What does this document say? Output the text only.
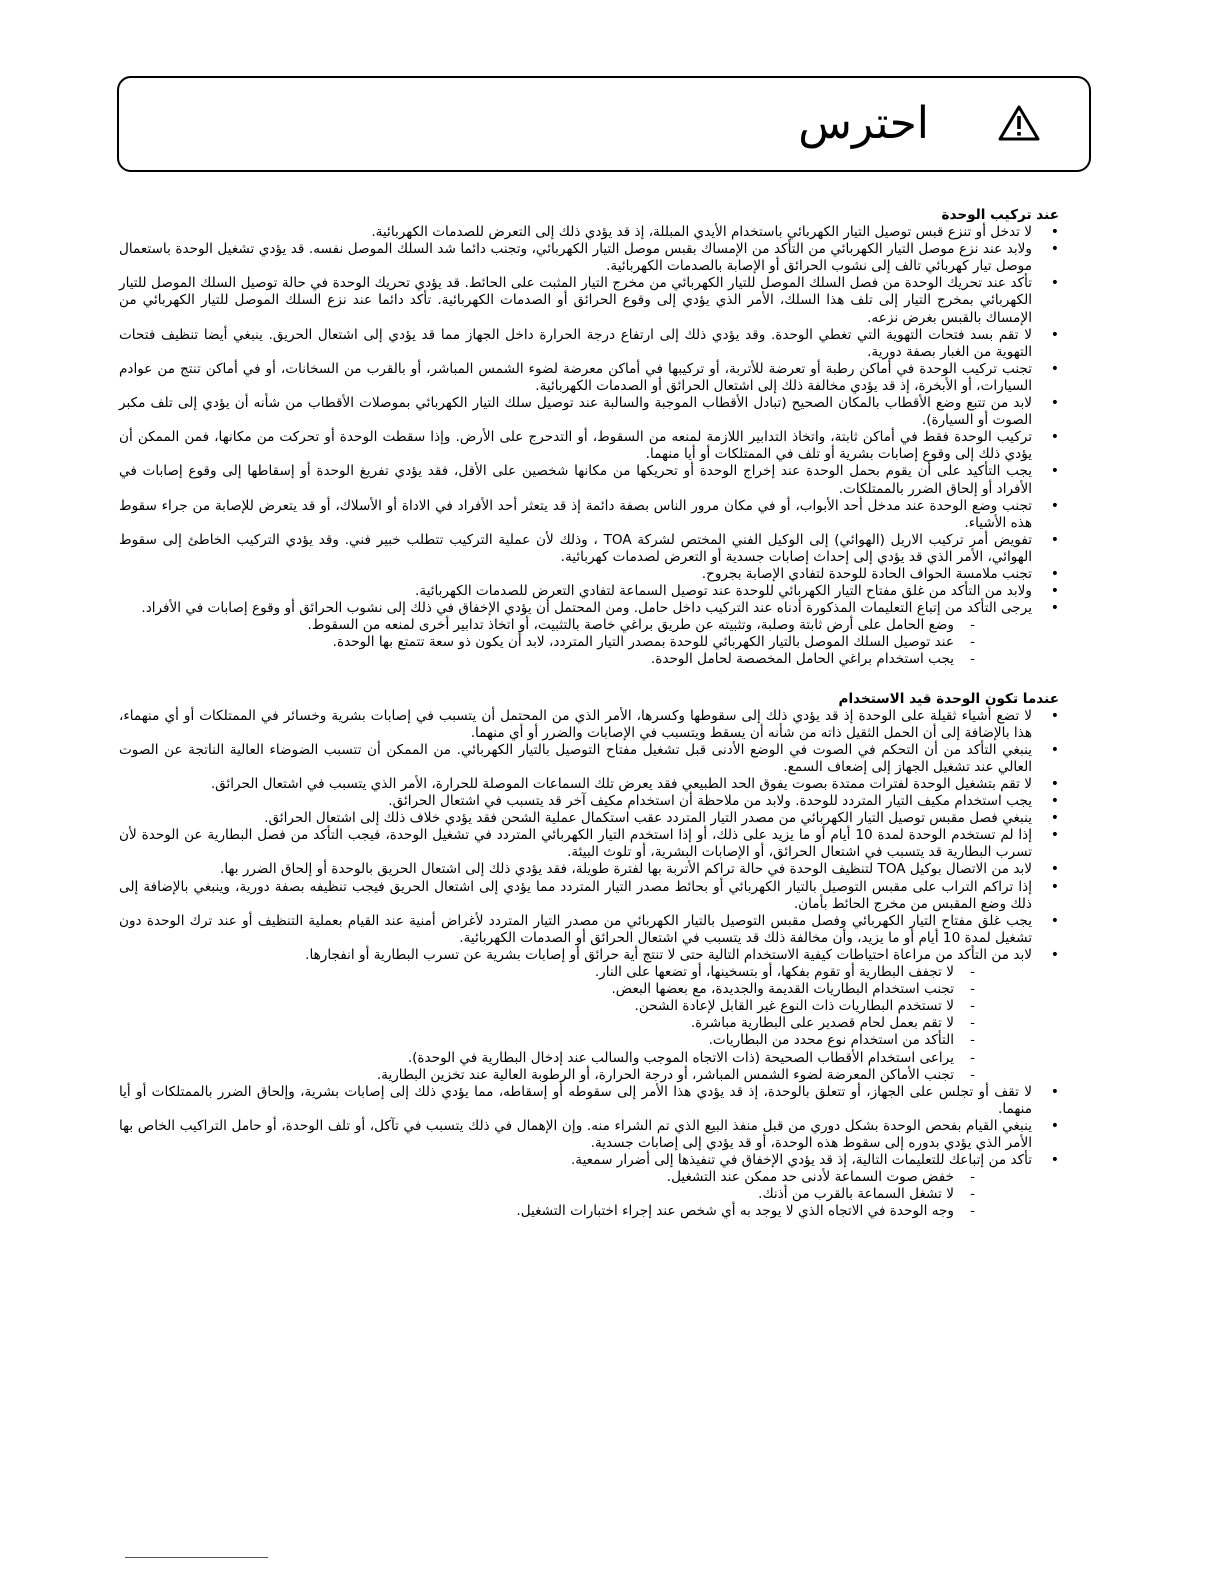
احترس
عند تركيب الوحدة
• لا تدخل أو تنزع قبس توصيل التيار الكهربائي باستخدام الأيدي المبللة، إذ قد يؤدي ذلك إلى التعرض للصدمات الكهربائية.
• ولابد عند نزع موصل التيار الكهربائي من التأكد من الإمساك بقبس موصل التيار الكهربائي، وتجنب دائما شد السلك الموصل نفسه. قد يؤدي تشغيل الوحدة باستعمال موصل تيار كهربائي تالف إلى نشوب الحرائق أو الإصابة بالصدمات الكهربائية.
• تأكد عند تحريك الوحدة من فصل السلك الموصل للتيار الكهربائي من مخرج التيار المثبت على الحائط. قد يؤدي تحريك الوحدة في حالة توصيل السلك الموصل للتيار الكهربائي بمخرج التيار إلى تلف هذا السلك، الأمر الذي يؤدي إلى وقوع الحرائق أو الصدمات الكهربائية. تأكد دائما عند نزع السلك الموصل للتيار الكهربائي من الإمساك بالقبس بغرض نزعه.
• لا تقم بسد فتحات التهوية التي تغطي الوحدة. وقد يؤدي ذلك إلى ارتفاع درجة الحرارة داخل الجهاز مما قد يؤدي إلى اشتعال الحريق. ينبغي أيضا تنظيف فتحات التهوية من الغبار بصفة دورية.
• تجنب تركيب الوحدة في أماكن رطبة أو تعرضة للأتربة، أو تركيبها في أماكن معرضة لضوء الشمس المباشر، أو بالقرب من السخانات، أو في أماكن تنتج من عوادم السيارات، أو الأبخرة، إذ قد يؤدي مخالفة ذلك إلى اشتعال الحرائق أو الصدمات الكهربائية.
• لابد من تتبع وضع الأقطاب بالمكان الصحيح (تبادل الأقطاب الموجبة والسالبة عند توصيل سلك التيار الكهربائي بموصلات الأقطاب من شأنه أن يؤدي إلى تلف مكبر الصوت أو السيارة).
• تركيب الوحدة فقط في أماكن ثابتة، واتخاذ التدابير اللازمة لمنعه من السقوط، أو التدحرج على الأرض. وإذا سقطت الوحدة أو تحركت من مكانها، فمن الممكن أن يؤدي ذلك إلى وقوع إصابات بشرية أو تلف في الممتلكات أو أيا منهما.
• يجب التأكيد على أن يقوم بحمل الوحدة عند إخراج الوحدة أو تحريكها من مكانها شخصين على الأقل، فقد يؤدي تفريغ الوحدة أو إسقاطها إلى وقوع إصابات في الأفراد أو إلحاق الضرر بالممتلكات.
• تجنب وضع الوحدة عند مدخل أحد الأبواب، أو في مكان مرور الناس بصفة دائمة إذ قد يتعثر أحد الأفراد في الاداة أو الأسلاك، أو قد يتعرض للإصابة من جراء سقوط هذه الأشياء.
• تفويض أمر تركيب الاريل (الهوائي) إلى الوكيل الفني المختص لشركة TOA ، وذلك لأن عملية التركيب تتطلب خبير فني. وقد يؤدي التركيب الخاطئ إلى سقوط الهوائي، الأمر الذي قد يؤدي إلى إحداث إصابات جسدية أو التعرض لصدمات كهربائية.
• تجنب ملامسة الحواف الحادة للوحدة لتفادي الإصابة بجروح.
• ولابد من التأكد من غلق مفتاح التيار الكهربائي للوحدة عند توصيل السماعة لتفادي التعرض للصدمات الكهربائية.
• يرجى التأكد من إتباع التعليمات المذكورة أدناه عند التركيب داخل حامل. ومن المحتمل أن يؤدي الإخفاق في ذلك إلى نشوب الحرائق أو وقوع إصابات في الأفراد.
- وضع الحامل على أرض ثابتة وصلبة، وتثبيته عن طريق براغي خاصة بالتثبيت، أو اتخاذ تدابير أخرى لمنعه من السقوط.
- عند توصيل السلك الموصل بالتيار الكهربائي للوحدة بمصدر التيار المتردد، لابد أن يكون ذو سعة تتمتع بها الوحدة.
- يجب استخدام براغي الحامل المخصصة لحامل الوحدة.
عندما تكون الوحدة قيد الاستخدام
• لا تضع أشياء ثقيلة على الوحدة إذ قد يؤدي ذلك إلى سقوطها وكسرها، الأمر الذي من المحتمل أن يتسبب في إصابات بشرية وخسائر في الممتلكات أو أي منهماء، هذا بالإضافة إلى أن الحمل الثقيل ذاته من شأنه أن يسقط ويتسبب في الإصابات والضرر أو أي منهما.
• ينبغي التأكد من أن التحكم في الصوت في الوضع الأدنى قبل تشغيل مفتاح التوصيل بالتيار الكهربائي. من الممكن أن تتسبب الضوضاء العالية الناتجة عن الصوت العالي عند تشغيل الجهاز إلى إضعاف السمع.
• لا تقم بتشغيل الوحدة لفترات ممتدة بصوت يفوق الحد الطبيعي فقد يعرض تلك السماعات الموصلة للحرارة، الأمر الذي يتسبب في اشتعال الحرائق.
• يجب استخدام مكيف التيار المتردد للوحدة. ولابد من ملاحظة أن استخدام مكيف آخر قد يتسبب في اشتعال الحرائق.
• ينبغي فصل مقبس توصيل التيار الكهربائي من مصدر التيار المتردد عقب استكمال عملية الشحن فقد يؤدي خلاف ذلك إلى اشتعال الحرائق.
• إذا لم تستخدم الوحدة لمدة 10 أيام أو ما يزيد على ذلك، أو إذا استخدم التيار الكهربائي المتردد في تشغيل الوحدة، فيجب التأكد من فصل البطارية عن الوحدة لأن تسرب البطارية قد يتسبب في اشتعال الحرائق، أو الإصابات البشرية، أو تلوث البيئة.
• لابد من الاتصال بوكيل TOA لتنظيف الوحدة في حالة تراكم الأتربة بها لفترة طويلة، فقد يؤدي ذلك إلى اشتعال الحريق بالوحدة أو إلحاق الضرر بها.
• إذا تراكم التراب على مقبس التوصيل بالتيار الكهربائي أو بحائط مصدر التيار المتردد مما يؤدي إلى اشتعال الحريق فيجب تنظيفه بصفة دورية، وينبغي بالإضافة إلى ذلك وضع المقبس من مخرج الحائط بأمان.
• يجب غلق مفتاح التيار الكهربائي وفصل مقبس التوصيل بالتيار الكهربائي من مصدر التيار المتردد لأغراض أمنية عند القيام بعملية التنظيف أو عند ترك الوحدة دون تشغيل لمدة 10 أيام أو ما يزيد، وأن مخالفة ذلك قد يتسبب في اشتعال الحرائق أو الصدمات الكهربائية.
• لابد من التأكد من مراعاة احتياطات كيفية الاستخدام التالية حتى لا تنتج أية حرائق أو إصابات بشرية عن تسرب البطارية أو انفجارها.
- لا تجفف البطارية أو تقوم بفكها، أو بتسخينها، أو تضعها على النار.
- تجنب استخدام البطاريات القديمة والجديدة، مع بعضها البعض.
- لا تستخدم البطاريات ذات النوع غير القابل لإعادة الشحن.
- لا تقم بعمل لحام قصدير على البطارية مباشرة.
- التأكد من استخدام نوع محدد من البطاريات.
- يراعى استخدام الأقطاب الصحيحة (ذات الاتجاه الموجب والسالب عند إدخال البطارية في الوحدة).
- تجنب الأماكن المعرضة لضوء الشمس المباشر، أو درجة الحرارة، أو الرطوبة العالية عند تخزين البطارية.
• لا تقف أو تجلس على الجهاز، أو تتعلق بالوحدة، إذ قد يؤدي هذا الأمر إلى سقوطه أو إسقاطه، مما يؤدي ذلك إلى إصابات بشرية، وإلحاق الضرر بالممتلكات أو أيا منهما.
• ينبغي القيام بفحص الوحدة بشكل دوري من قبل منفذ البيع الذي تم الشراء منه. وإن الإهمال في ذلك يتسبب في تآكل، أو تلف الوحدة، أو حامل التراكيب الخاص بها الأمر الذي يؤدي بدوره إلى سقوط هذه الوحدة، أو قد يؤدي إلى إصابات جسدية.
• تأكد من إتباعك للتعليمات التالية، إذ قد يؤدي الإخفاق في تنفيذها إلى أضرار سمعية.
- خفض صوت السماعة لأدنى حد ممكن عند التشغيل.
- لا تشغل السماعة بالقرب من أذنك.
- وجه الوحدة في الاتجاه الذي لا يوجد به أي شخص عند إجراء اختبارات التشغيل.
